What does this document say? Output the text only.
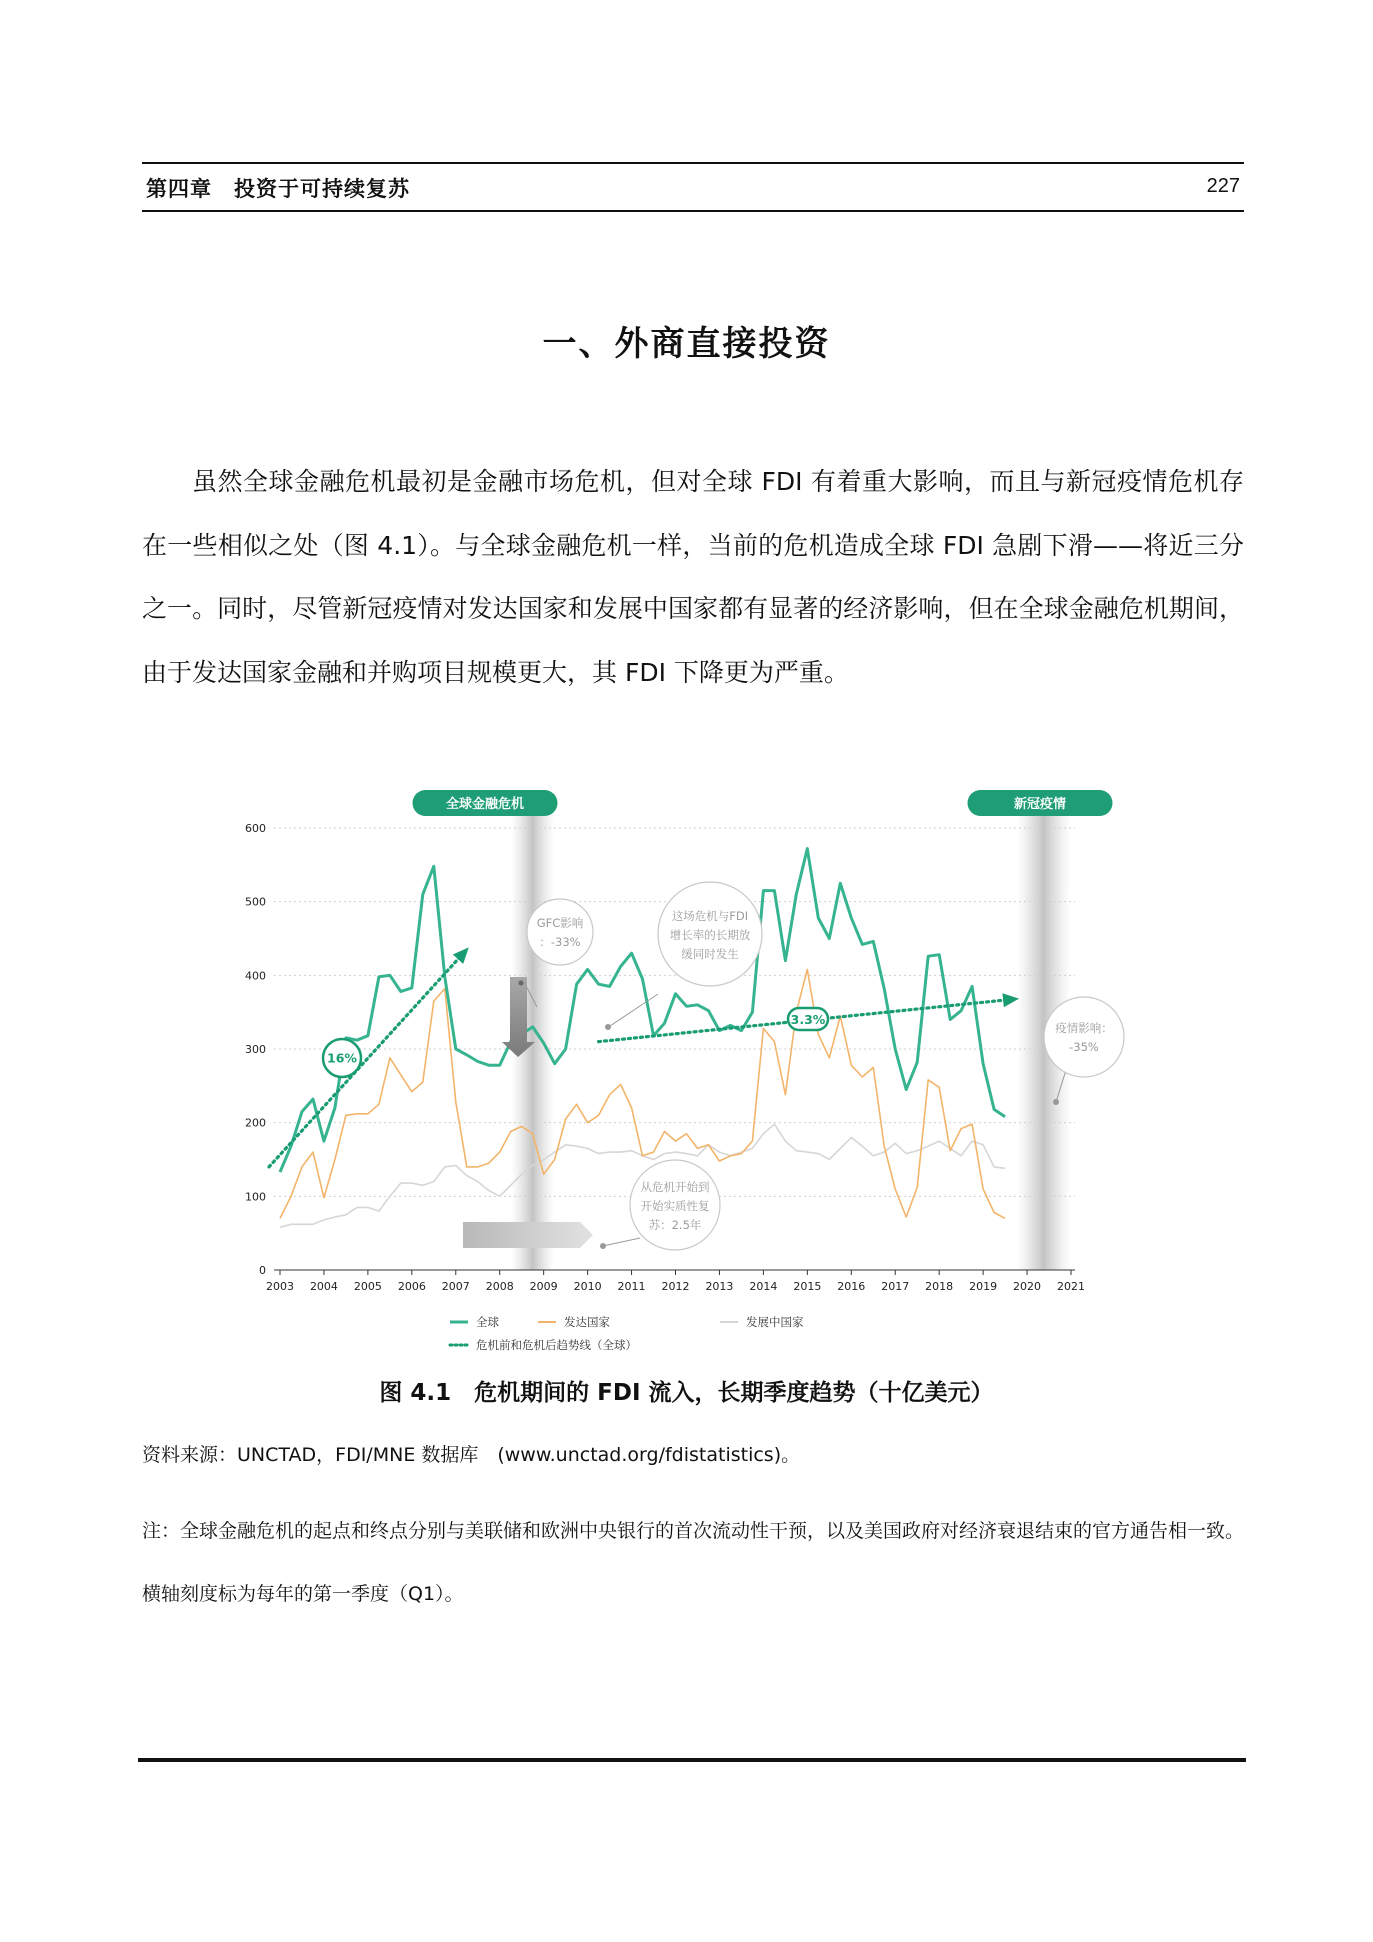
第四章　投资于可持续复苏	227
一、外商直接投资

虽然全球金融危机最初是金融市场危机，但对全球 FDI 有着重大影响，而且与新冠疫情危机存在一些相似之处（图 4.1）。与全球金融危机一样，当前的危机造成全球 FDI 急剧下滑——将近三分之一。同时，尽管新冠疫情对发达国家和发展中国家都有显著的经济影响，但在全球金融危机期间，由于发达国家金融和并购项目规模更大，其 FDI 下降更为严重。

0
100
200
300
400
500
600
2003 2004 2005 2006 2007 2008 2009 2010 2011 2012 2013 2014 2015 2016 2017 2018 2019 2020 2021
全球金融危机	新冠疫情
GFC影响
：-33%
这场危机与FDI
增长率的长期放
缓同时发生
从危机开始到
开始实质性复
苏：2.5年
疫情影响：
-35%
16%
3.3%
全球	发达国家	发展中国家
危机前和危机后趋势线（全球）
图 4.1　危机期间的 FDI 流入，长期季度趋势（十亿美元）
资料来源：UNCTAD，FDI/MNE 数据库　(www.unctad.org/fdistatistics)。

注：全球金融危机的起点和终点分别与美联储和欧洲中央银行的首次流动性干预，以及美国政府对经济衰退结束的官方通告相一致。横轴刻度标为每年的第一季度（Q1）。
